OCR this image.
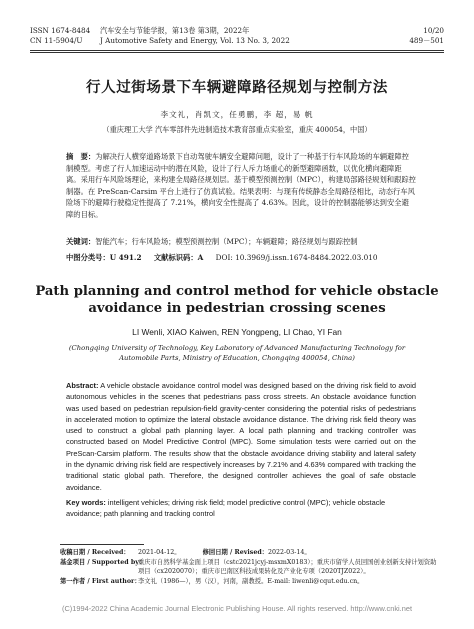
ISSN 1674-8484
CN 11-5904/U
汽车安全与节能学报，第13卷 第3期，2022年
J Automotive Safety and Energy, Vol. 13 No. 3, 2022
10/20
489－501
行人过街场景下车辆避障路径规划与控制方法
李文礼，肖凯文，任勇鹏，李 超，易 帆
（重庆理工大学 汽车零部件先进制造技术教育部重点实验室，重庆 400054，中国）
摘　要：为解决行人横穿道路场景下自动驾驶车辆安全避障问题，设计了一种基于行车风险场的车辆避障控制模型。考虑了行人加速运动中的潜在风险，设计了行人斥力场重心的新型避障函数，以优化横向避障距离。采用行车风险场理论，来构建全局路径规划层。基于模型预测控制（MPC），构建局部路径规划和跟踪控制器。在 PreScan-Carsim 平台上进行了仿真试验。结果表明：与现有传统静态全局路径相比，动态行车风险场下的避障行驶稳定性提高了 7.21%，横向安全性提高了 4.63%。因此，设计的控制器能够达到安全避障的目标。
关键词：智能汽车；行车风险场；模型预测控制（MPC）；车辆避障；路径规划与跟踪控制
中图分类号：U 491.2 文献标识码：A DOI: 10.3969/j.issn.1674-8484.2022.03.010
Path planning and control method for vehicle obstacle avoidance in pedestrian crossing scenes
LI Wenli, XIAO Kaiwen, REN Yongpeng, LI Chao, YI Fan
(Chongqing University of Technology, Key Laboratory of Advanced Manufacturing Technology for Automobile Parts, Ministry of Education, Chongqing 400054, China)
Abstract: A vehicle obstacle avoidance control model was designed based on the driving risk field to avoid autonomous vehicles in the scenes that pedestrians pass cross streets. An obstacle avoidance function was used based on pedestrian repulsion-field gravity-center considering the potential risks of pedestrians in accelerated motion to optimize the lateral obstacle avoidance distance. The driving risk field theory was used to construct a global path planning layer. A local path planning and tracking controller was constructed based on Model Predictive Control (MPC). Some simulation tests were carried out on the PreScan-Carsim platform. The results show that the obstacle avoidance driving stability and lateral safety in the dynamic driving risk field are respectively increases by 7.21% and 4.63% compared with tracking the traditional static global path. Therefore, the designed controller achieves the goal of safe obstacle avoidance.
Key words: intelligent vehicles; driving risk field; model predictive control (MPC); vehicle obstacle avoidance; path planning and tracking control
收稿日期 / Received： 2021-04-12。	修回日期 / Revised：2022-03-14。
基金项目 / Supported by：
重庆市自然科学基金面上项目（cstc2021jcyj-msxmX0183）；重庆市留学人员回国创业创新支持计划资助项目（cx2020070）；重庆市巴南区科技成果转化及产业化专项（2020TJZ022）。
第一作者 / First author：
李文礼（1986—），男（汉），河南，副教授。E-mail: liwenli@cqut.edu.cn。
(C)1994-2022 China Academic Journal Electronic Publishing House. All rights reserved. http://www.cnki.net
